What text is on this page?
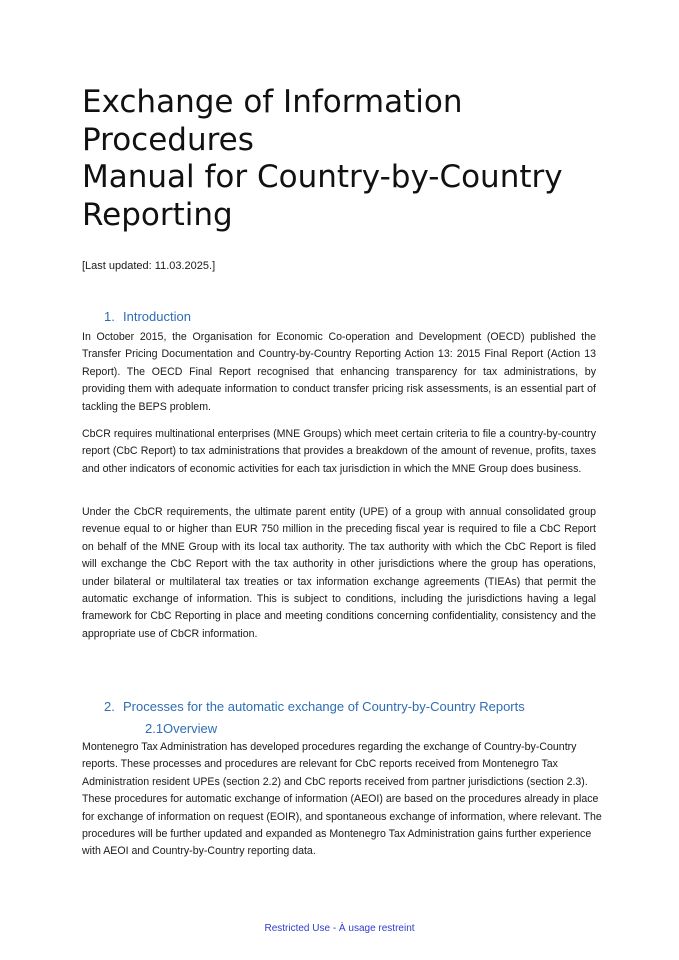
Exchange of Information
Procedures
Manual for Country-by-Country
Reporting
[Last updated: 11.03.2025.]
1. Introduction

In October 2015, the Organisation for Economic Co-operation and Development (OECD) published the Transfer Pricing Documentation and Country-by-Country Reporting Action 13: 2015 Final Report (Action 13 Report). The OECD Final Report recognised that enhancing transparency for tax administrations, by providing them with adequate information to conduct transfer pricing risk assessments, is an essential part of tackling the BEPS problem.

CbCR requires multinational enterprises (MNE Groups) which meet certain criteria to file a country-by-country report (CbC Report) to tax administrations that provides a breakdown of the amount of revenue, profits, taxes and other indicators of economic activities for each tax jurisdiction in which the MNE Group does business.

Under the CbCR requirements, the ultimate parent entity (UPE) of a group with annual consolidated group revenue equal to or higher than EUR 750 million in the preceding fiscal year is required to file a CbC Report on behalf of the MNE Group with its local tax authority. The tax authority with which the CbC Report is filed will exchange the CbC Report with the tax authority in other jurisdictions where the group has operations, under bilateral or multilateral tax treaties or tax information exchange agreements (TIEAs) that permit the automatic exchange of information. This is subject to conditions, including the jurisdictions having a legal framework for CbC Reporting in place and meeting conditions concerning confidentiality, consistency and the appropriate use of CbCR information.

2. Processes for the automatic exchange of Country-by-Country Reports
2.1Overview

Montenegro Tax Administration has developed procedures regarding the exchange of Country-by-Country reports. These processes and procedures are relevant for CbC reports received from Montenegro Tax Administration resident UPEs (section 2.2) and CbC reports received from partner jurisdictions (section 2.3). These procedures for automatic exchange of information (AEOI) are based on the procedures already in place for exchange of information on request (EOIR), and spontaneous exchange of information, where relevant. The procedures will be further updated and expanded as Montenegro Tax Administration gains further experience with AEOI and Country-by-Country reporting data.

Restricted Use - À usage restreint
